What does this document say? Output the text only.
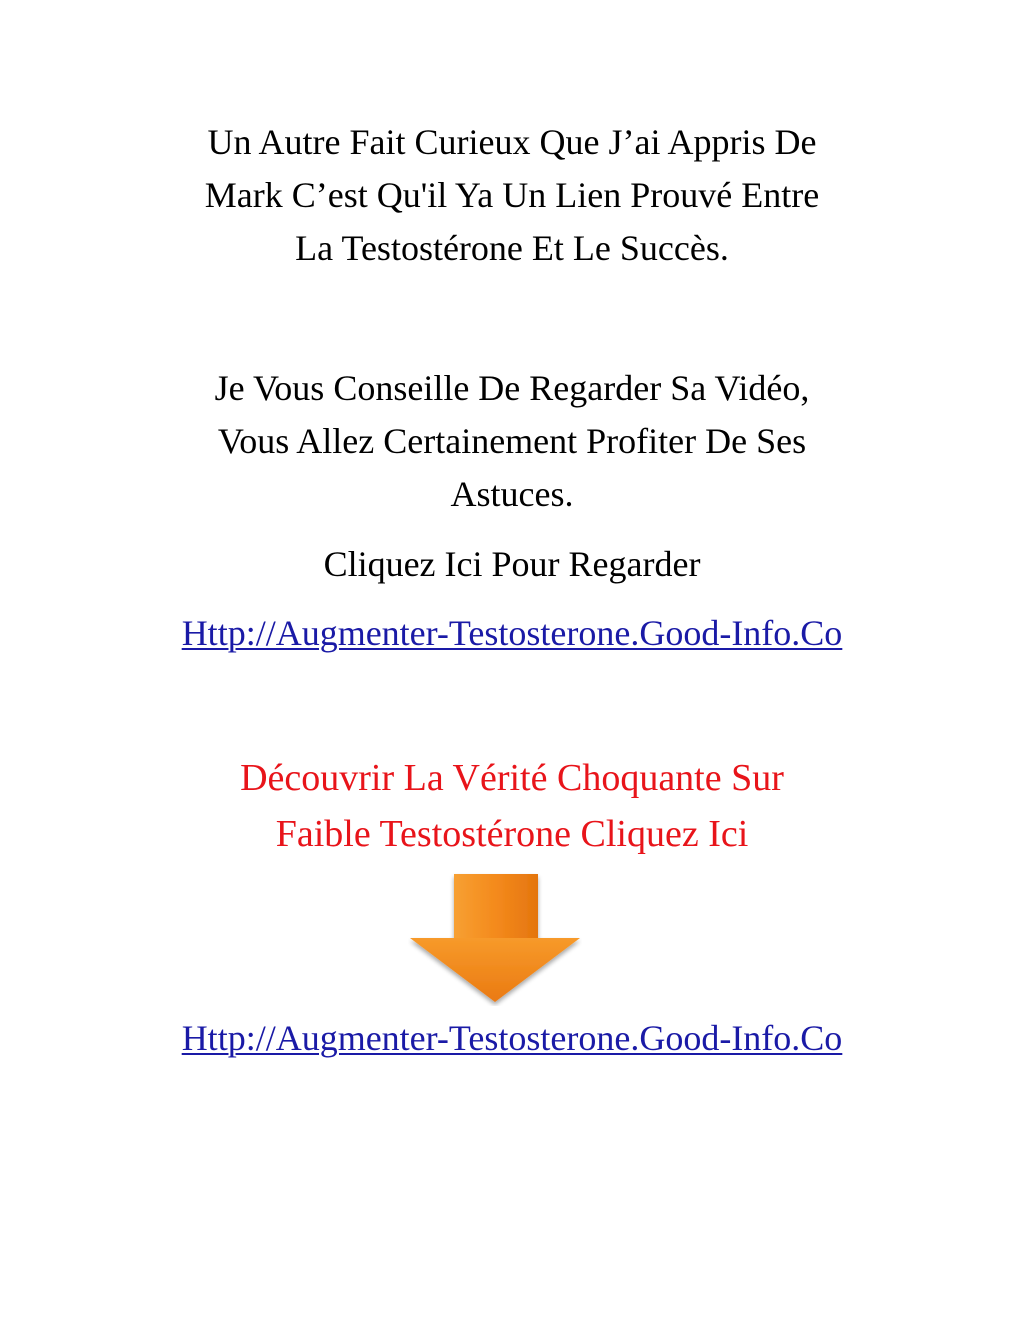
Un Autre Fait Curieux Que J’ai Appris De
Mark C’est Qu'il Ya Un Lien Prouvé Entre
La Testostérone Et Le Succès.

Je Vous Conseille De Regarder Sa Vidéo,
Vous Allez Certainement Profiter De Ses
Astuces.

Cliquez Ici Pour Regarder

Http://Augmenter-Testosterone.Good-Info.Co

Découvrir La Vérité Choquante Sur
Faible Testostérone Cliquez Ici

Http://Augmenter-Testosterone.Good-Info.Co
